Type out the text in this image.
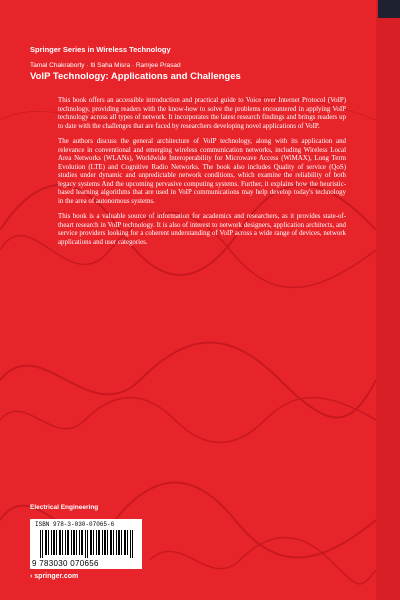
Springer Series in Wireless Technology
Tamal Chakraborty · Iti Saha Misra · Ramjee Prasad
VoIP Technology: Applications and Challenges

This book offers an accessible introduction and practical guide to Voice over Internet Protocol (VoIP) technology, providing readers with the know-how to solve the problems encountered in applying VoIP technology across all types of network. It incorporates the latest research findings and brings readers up to date with the challenges that are faced by researchers developing novel applications of VoIP.

The authors discuss the general architecture of VoIP technology, along with its application and relevance in conventional and emerging wireless communication networks, including Wireless Local Area Networks (WLANs), Worldwide Interoperability for Microwave Access (WiMAX), Long Term Evolution (LTE) and Cognitive Radio Networks. The book also includes Quality of service (QoS) studies under dynamic and unpredictable network conditions, which examine the reliability of both legacy systems And the upcoming pervasive computing systems. Further, it explains how the heuristic-based learning algorithms that are used in VoIP communications may help develop today's technology in the area of autonomous systems.

This book is a valuable source of information for academics and researchers, as it provides state-of-theart research in VoIP technology. It is also of interest to network designers, application architects, and service providers looking for a coherent understanding of VoIP across a wide range of devices, network applications and user categories.

Electrical Engineering
ISBN 978-3-030-07065-6
9 783030 070656
› springer.com
